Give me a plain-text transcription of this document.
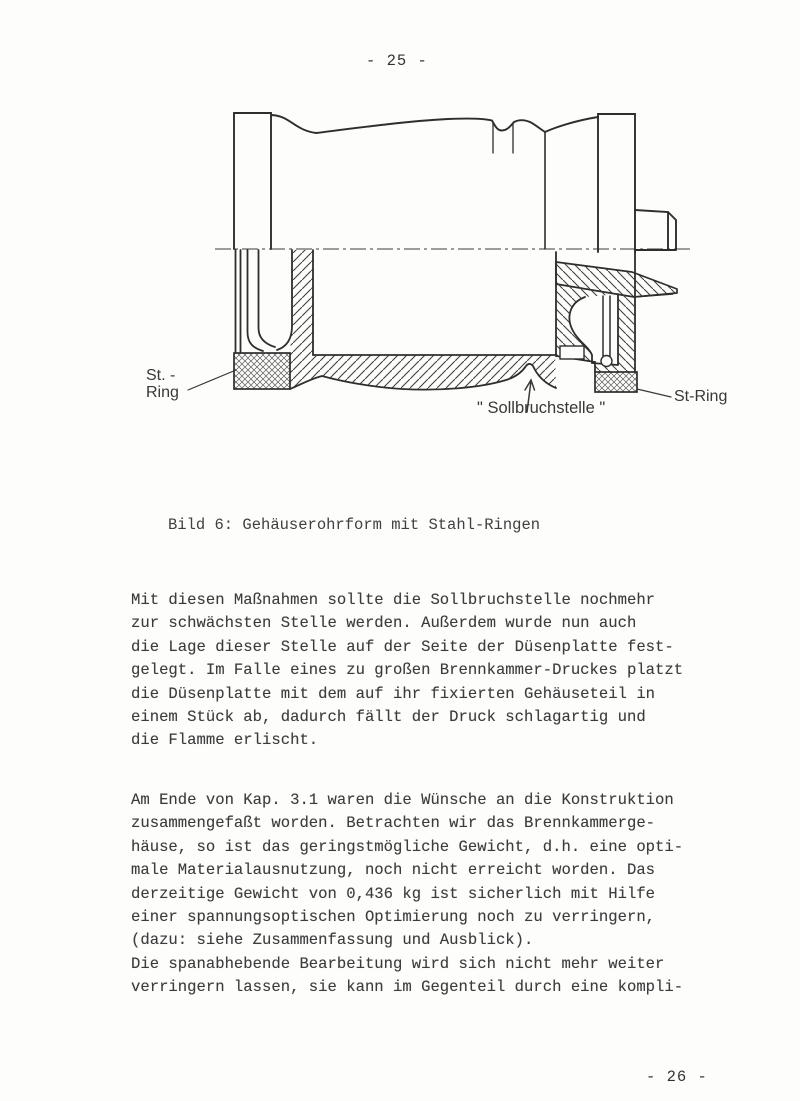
- 25 -
St. -
Ring	St-Ring
" Sollbruchstelle "
Bild 6: Gehäuserohrform mit Stahl-Ringen
Mit diesen Maßnahmen sollte die Sollbruchstelle nochmehr
zur schwächsten Stelle werden. Außerdem wurde nun auch
die Lage dieser Stelle auf der Seite der Düsenplatte fest-
gelegt. Im Falle eines zu großen Brennkammer-Druckes platzt
die Düsenplatte mit dem auf ihr fixierten Gehäuseteil in
einem Stück ab, dadurch fällt der Druck schlagartig und
die Flamme erlischt.
Am Ende von Kap. 3.1 waren die Wünsche an die Konstruktion
zusammengefaßt worden. Betrachten wir das Brennkammerge-
häuse, so ist das geringstmögliche Gewicht, d.h. eine opti-
male Materialausnutzung, noch nicht erreicht worden. Das
derzeitige Gewicht von 0,436 kg ist sicherlich mit Hilfe
einer spannungsoptischen Optimierung noch zu verringern,
(dazu: siehe Zusammenfassung und Ausblick).
Die spanabhebende Bearbeitung wird sich nicht mehr weiter
verringern lassen, sie kann im Gegenteil durch eine kompli-
- 26 -
